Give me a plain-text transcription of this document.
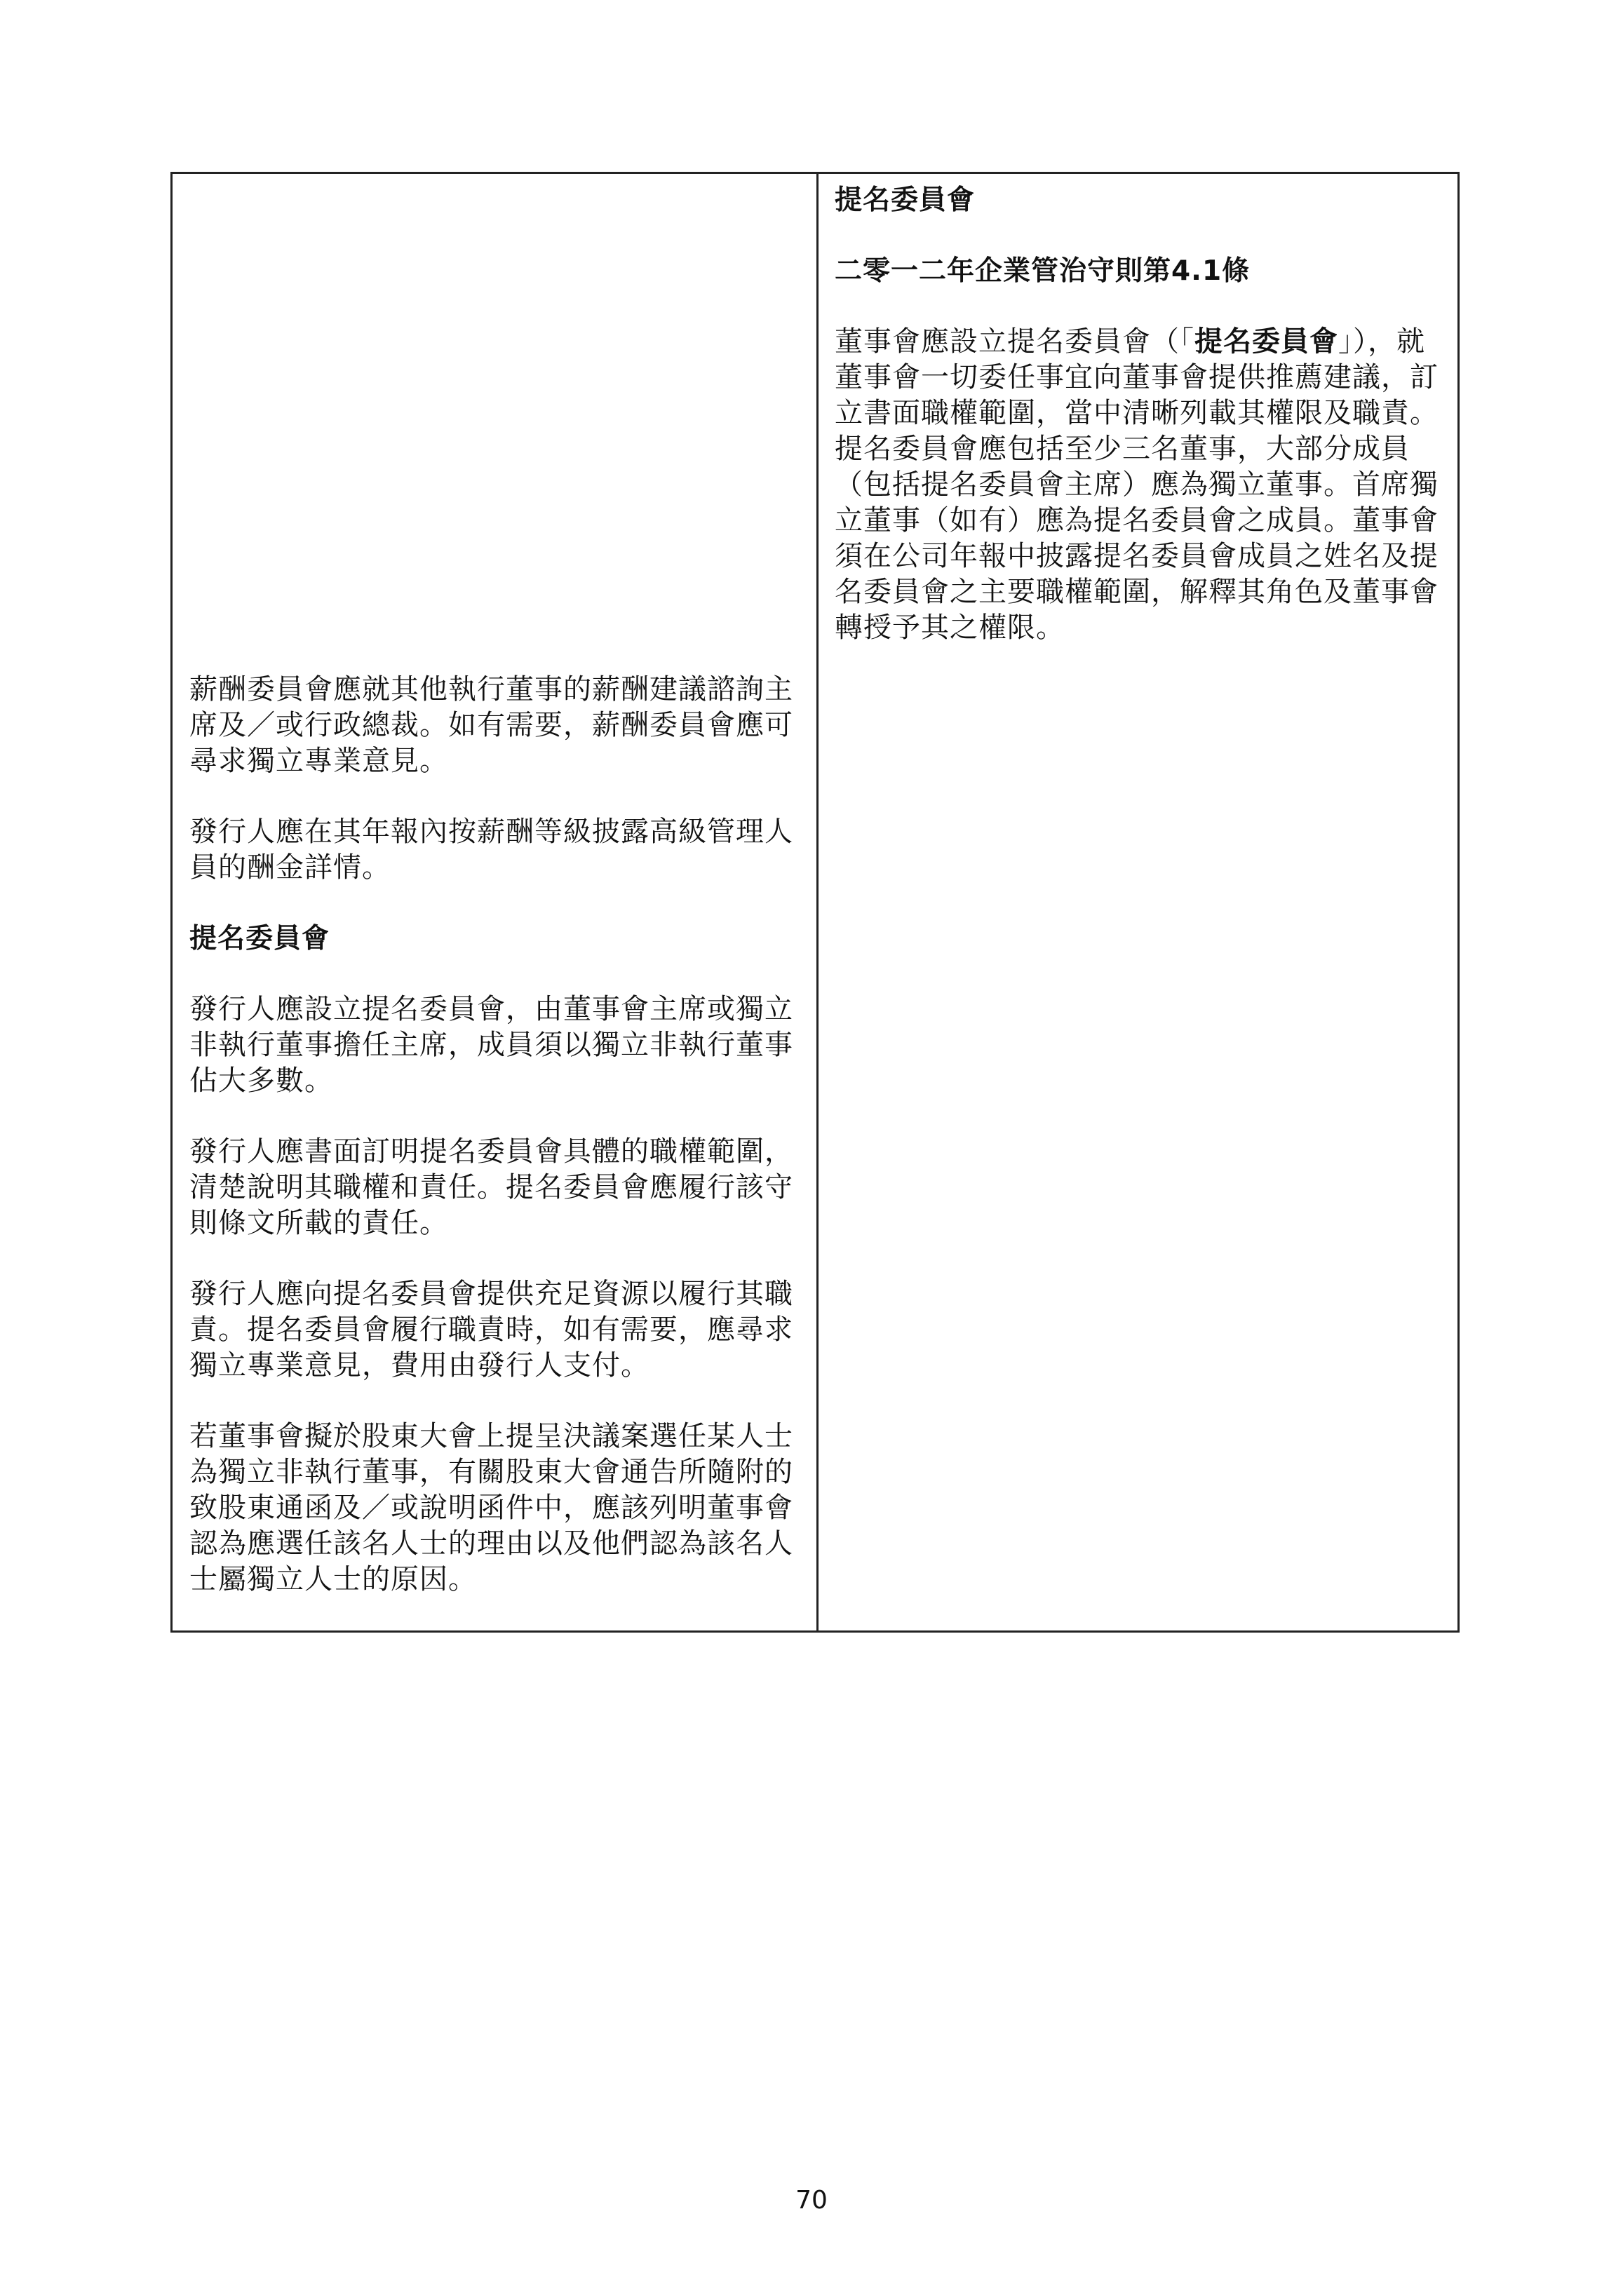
薪酬委員會應就其他執行董事的薪酬建議諮詢主席及／或行政總裁。如有需要，薪酬委員會應可尋求獨立專業意見。

發行人應在其年報內按薪酬等級披露高級管理人員的酬金詳情。

提名委員會

發行人應設立提名委員會，由董事會主席或獨立非執行董事擔任主席，成員須以獨立非執行董事佔大多數。

發行人應書面訂明提名委員會具體的職權範圍，清楚說明其職權和責任。提名委員會應履行該守則條文所載的責任。

發行人應向提名委員會提供充足資源以履行其職責。提名委員會履行職責時，如有需要，應尋求獨立專業意見，費用由發行人支付。

若董事會擬於股東大會上提呈決議案選任某人士為獨立非執行董事，有關股東大會通告所隨附的致股東通函及／或說明函件中，應該列明董事會認為應選任該名人士的理由以及他們認為該名人士屬獨立人士的原因。

提名委員會

二零一二年企業管治守則第4.1條

董事會應設立提名委員會（「提名委員會」），就董事會一切委任事宜向董事會提供推薦建議，訂立書面職權範圍，當中清晰列載其權限及職責。提名委員會應包括至少三名董事，大部分成員（包括提名委員會主席）應為獨立董事。首席獨立董事（如有）應為提名委員會之成員。董事會須在公司年報中披露提名委員會成員之姓名及提名委員會之主要職權範圍，解釋其角色及董事會轉授予其之權限。

70
